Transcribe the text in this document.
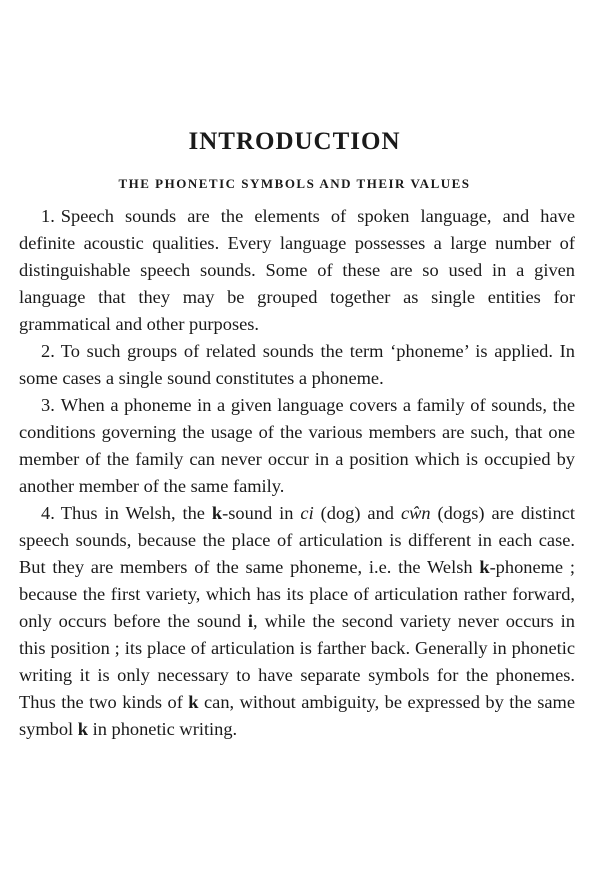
INTRODUCTION
THE PHONETIC SYMBOLS AND THEIR VALUES

1. Speech sounds are the elements of spoken language, and have definite acoustic qualities. Every language possesses a large number of distinguishable speech sounds. Some of these are so used in a given language that they may be grouped together as single entities for grammatical and other purposes.

2. To such groups of related sounds the term ‘phoneme’ is applied. In some cases a single sound constitutes a phoneme.

3. When a phoneme in a given language covers a family of sounds, the conditions governing the usage of the various members are such, that one member of the family can never occur in a position which is occupied by another member of the same family.

4. Thus in Welsh, the k-sound in ci (dog) and cŵn (dogs) are distinct speech sounds, because the place of articulation is different in each case. But they are members of the same phoneme, i.e. the Welsh k-phoneme ; because the first variety, which has its place of articulation rather forward, only occurs before the sound i, while the second variety never occurs in this position ; its place of articulation is farther back. Generally in phonetic writing it is only necessary to have separate symbols for the phonemes. Thus the two kinds of k can, without ambiguity, be expressed by the same symbol k in phonetic writing.
